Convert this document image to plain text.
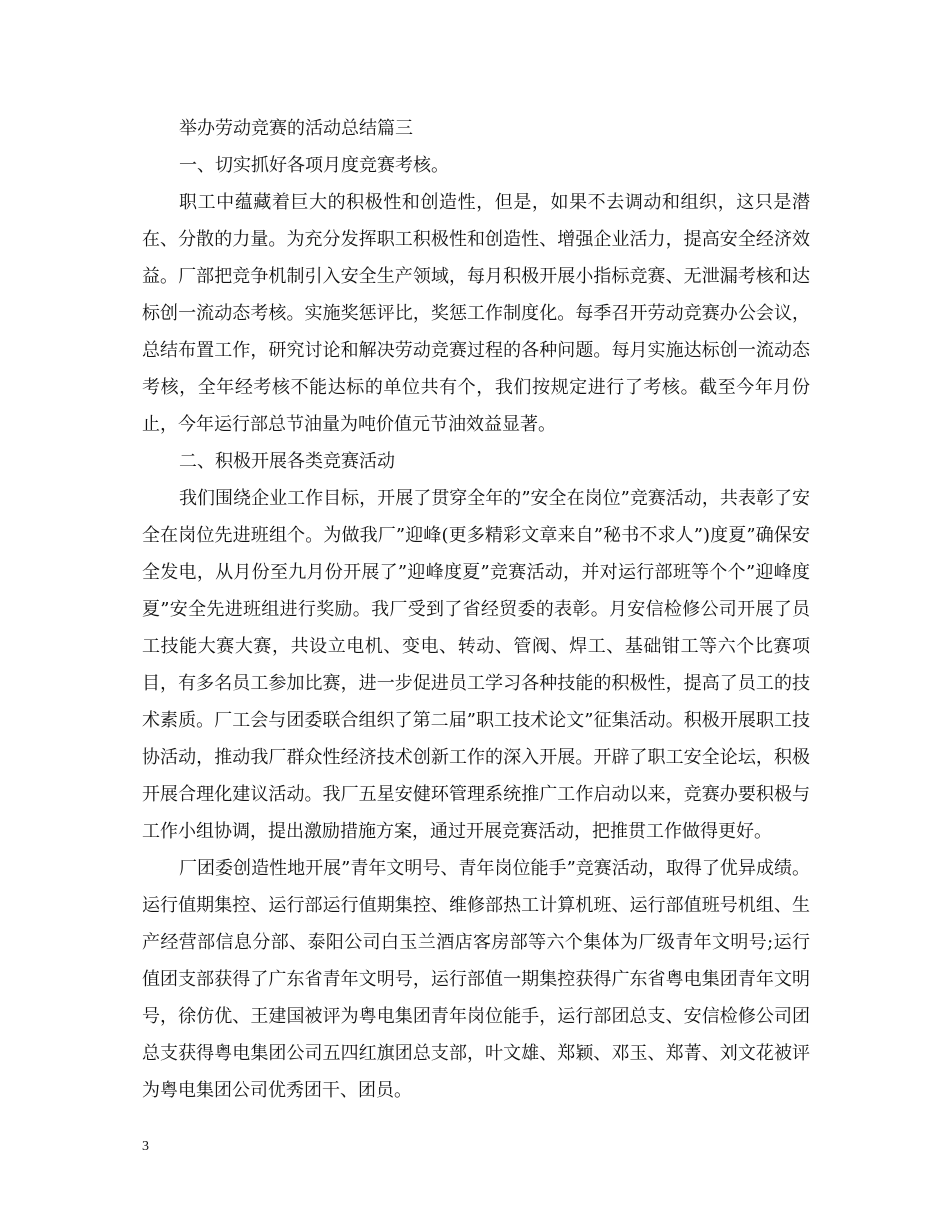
举办劳动竞赛的活动总结篇三

一、切实抓好各项月度竞赛考核。

职工中蕴藏着巨大的积极性和创造性，但是，如果不去调动和组织，这只是潜在、分散的力量。为充分发挥职工积极性和创造性、增强企业活力，提高安全经济效益。厂部把竞争机制引入安全生产领域，每月积极开展小指标竞赛、无泄漏考核和达标创一流动态考核。实施奖惩评比，奖惩工作制度化。每季召开劳动竞赛办公会议，总结布置工作，研究讨论和解决劳动竞赛过程的各种问题。每月实施达标创一流动态考核，全年经考核不能达标的单位共有个，我们按规定进行了考核。截至今年月份止，今年运行部总节油量为吨价值元节油效益显著。

二、积极开展各类竞赛活动

我们围绕企业工作目标，开展了贯穿全年的”安全在岗位”竞赛活动，共表彰了安全在岗位先进班组个。为做我厂”迎峰(更多精彩文章来自”秘书不求人”)度夏”确保安全发电，从月份至九月份开展了”迎峰度夏”竞赛活动，并对运行部班等个个”迎峰度夏”安全先进班组进行奖励。我厂受到了省经贸委的表彰。月安信检修公司开展了员工技能大赛大赛，共设立电机、变电、转动、管阀、焊工、基础钳工等六个比赛项目，有多名员工参加比赛，进一步促进员工学习各种技能的积极性，提高了员工的技术素质。厂工会与团委联合组织了第二届”职工技术论文”征集活动。积极开展职工技协活动，推动我厂群众性经济技术创新工作的深入开展。开辟了职工安全论坛，积极开展合理化建议活动。我厂五星安健环管理系统推广工作启动以来，竞赛办要积极与工作小组协调，提出激励措施方案，通过开展竞赛活动，把推贯工作做得更好。

厂团委创造性地开展”青年文明号、青年岗位能手”竞赛活动，取得了优异成绩。运行值期集控、运行部运行值期集控、维修部热工计算机班、运行部值班号机组、生产经营部信息分部、泰阳公司白玉兰酒店客房部等六个集体为厂级青年文明号;运行值团支部获得了广东省青年文明号，运行部值一期集控获得广东省粤电集团青年文明号，徐仿优、王建国被评为粤电集团青年岗位能手，运行部团总支、安信检修公司团总支获得粤电集团公司五四红旗团总支部，叶文雄、郑颖、邓玉、郑菁、刘文花被评为粤电集团公司优秀团干、团员。

3
